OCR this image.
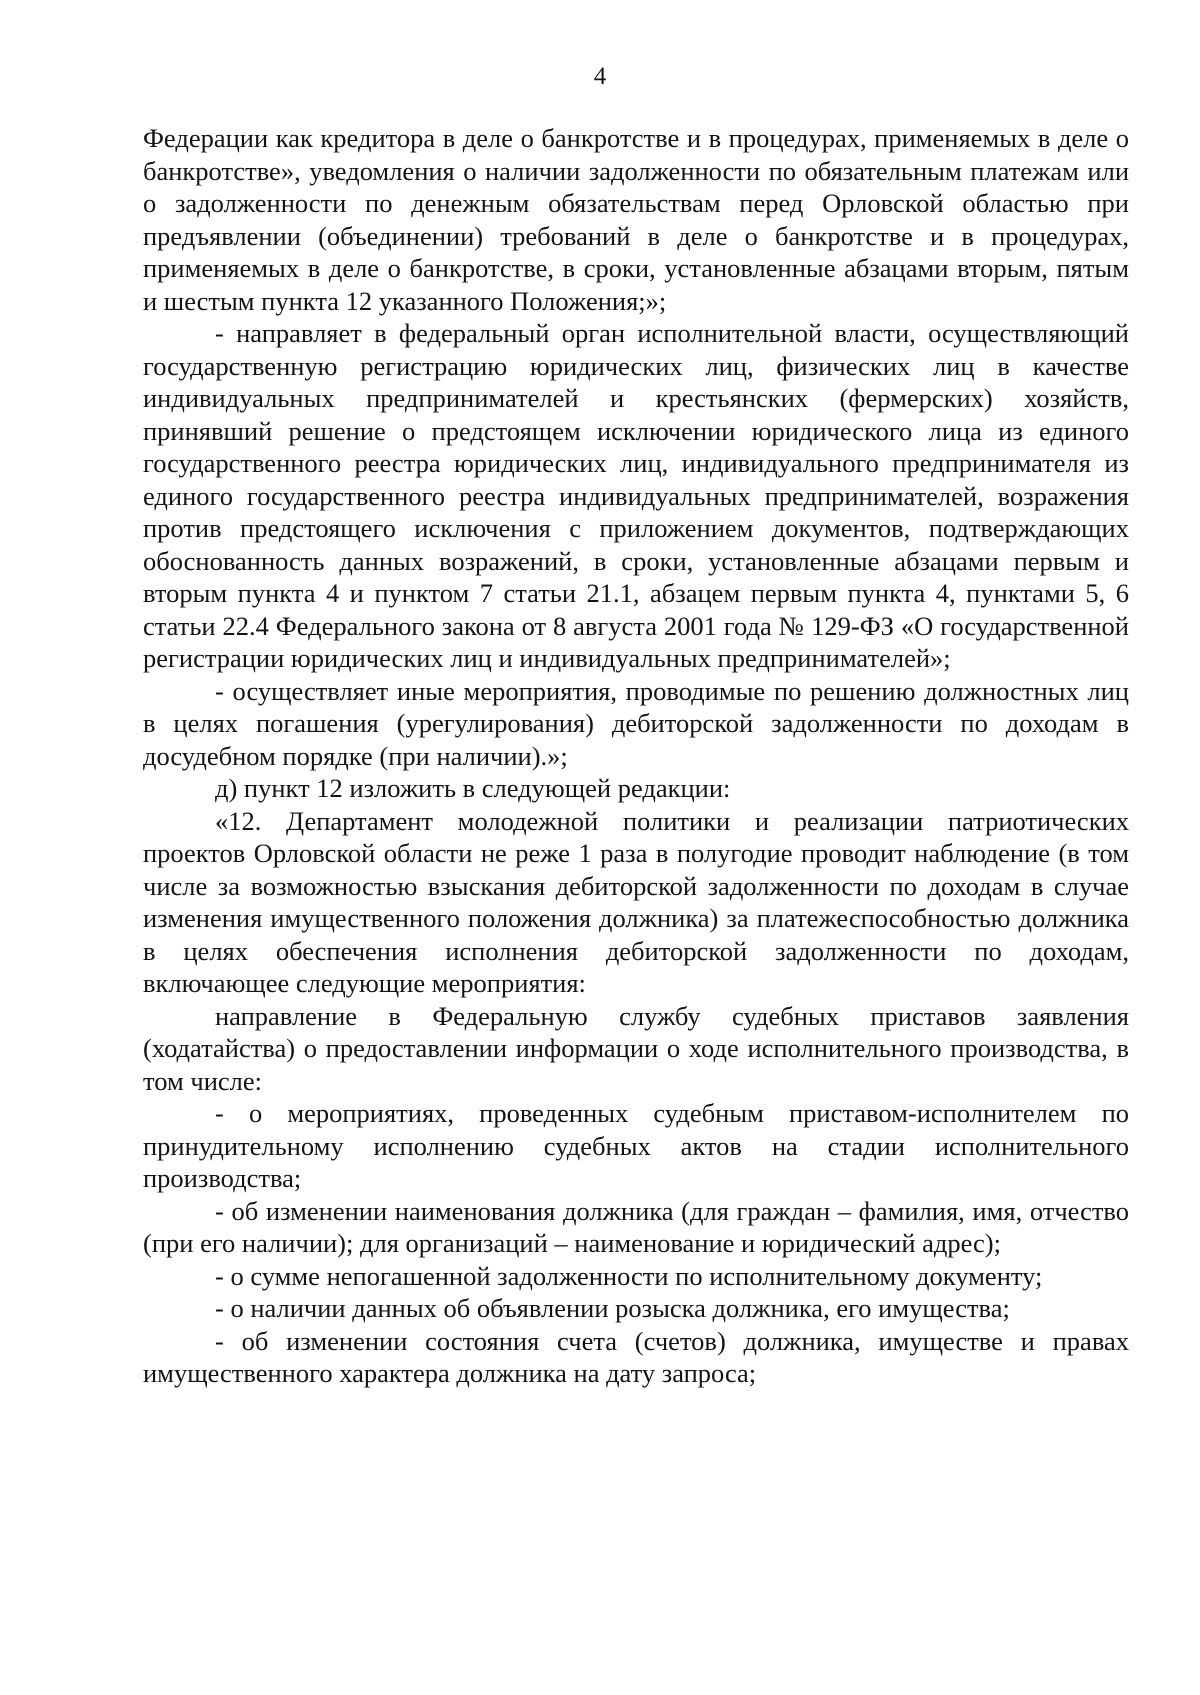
4

Федерации как кредитора в деле о банкротстве и в процедурах, применяемых в деле о банкротстве», уведомления о наличии задолженности по обязательным платежам или о задолженности по денежным обязательствам перед Орловской областью при предъявлении (объединении) требований в деле о банкротстве и в процедурах, применяемых в деле о банкротстве, в сроки, установленные абзацами вторым, пятым и шестым пункта 12 указанного Положения;»;

- направляет в федеральный орган исполнительной власти, осуществляющий государственную регистрацию юридических лиц, физических лиц в качестве индивидуальных предпринимателей и крестьянских (фермерских) хозяйств, принявший решение о предстоящем исключении юридического лица из единого государственного реестра юридических лиц, индивидуального предпринимателя из единого государственного реестра индивидуальных предпринимателей, возражения против предстоящего исключения с приложением документов, подтверждающих обоснованность данных возражений, в сроки, установленные абзацами первым и вторым пункта 4 и пунктом 7 статьи 21.1, абзацем первым пункта 4, пунктами 5, 6 статьи 22.4 Федерального закона от 8 августа 2001 года № 129-ФЗ «О государственной регистрации юридических лиц и индивидуальных предпринимателей»;

- осуществляет иные мероприятия, проводимые по решению должностных лиц в целях погашения (урегулирования) дебиторской задолженности по доходам в досудебном порядке (при наличии).»;

д) пункт 12 изложить в следующей редакции:

«12. Департамент молодежной политики и реализации патриотических проектов Орловской области не реже 1 раза в полугодие проводит наблюдение (в том числе за возможностью взыскания дебиторской задолженности по доходам в случае изменения имущественного положения должника) за платежеспособностью должника в целях обеспечения исполнения дебиторской задолженности по доходам, включающее следующие мероприятия:

направление в Федеральную службу судебных приставов заявления (ходатайства) о предоставлении информации о ходе исполнительного производства, в том числе:

- о мероприятиях, проведенных судебным приставом-исполнителем по принудительному исполнению судебных актов на стадии исполнительного производства;

- об изменении наименования должника (для граждан – фамилия, имя, отчество (при его наличии); для организаций – наименование и юридический адрес);

- о сумме непогашенной задолженности по исполнительному документу;

- о наличии данных об объявлении розыска должника, его имущества;

- об изменении состояния счета (счетов) должника, имуществе и правах имущественного характера должника на дату запроса;
